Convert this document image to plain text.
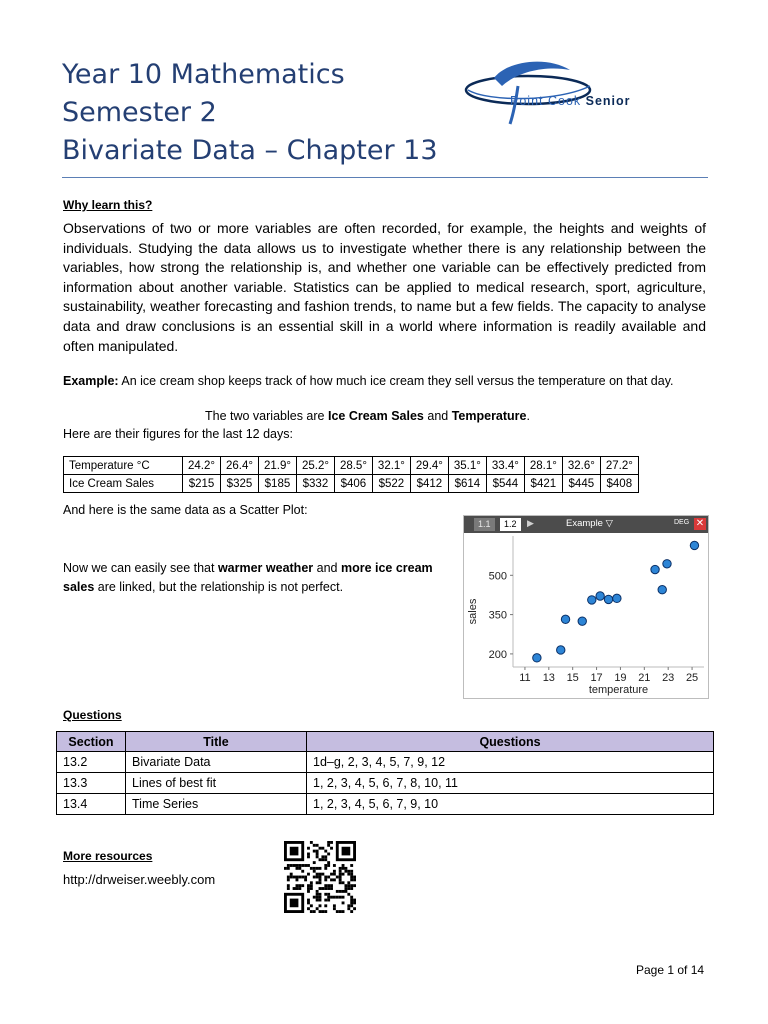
Year 10 Mathematics
Semester 2
Bivariate Data – Chapter 13
Point Cook Senior
Why learn this?
Observations of two or more variables are often recorded, for example, the heights and weights of individuals. Studying the data allows us to investigate whether there is any relationship between the variables, how strong the relationship is, and whether one variable can be effectively predicted from information about another variable. Statistics can be applied to medical research, sport, agriculture, sustainability, weather forecasting and fashion trends, to name but a few fields. The capacity to analyse data and draw conclusions is an essential skill in a world where information is readily available and often manipulated.
Example: An ice cream shop keeps track of how much ice cream they sell versus the temperature on that day.
The two variables are Ice Cream Sales and Temperature.
Here are their figures for the last 12 days:
Temperature °C	24.2°	26.4°	21.9°	25.2°	28.5°	32.1°	29.4°	35.1°	33.4°	28.1°	32.6°	27.2°
Ice Cream Sales	$215	$325	$185	$332	$406	$522	$412	$614	$544	$421	$445	$408
And here is the same data as a Scatter Plot:
Now we can easily see that warmer weather and more ice cream sales are linked, but the relationship is not perfect.
1.1	1.2	▶	Example ▽	DEG ✕
11 13 15 17 19 21 23 25
200
350
500
temperature
sales
Questions
Section	Title	Questions
13.2	Bivariate Data	1d–g, 2, 3, 4, 5, 7, 9, 12
13.3	Lines of best fit	1, 2, 3, 4, 5, 6, 7, 8, 10, 11
13.4	Time Series	1, 2, 3, 4, 5, 6, 7, 9, 10
More resources
http://drweiser.weebly.com
Page 1 of 14
